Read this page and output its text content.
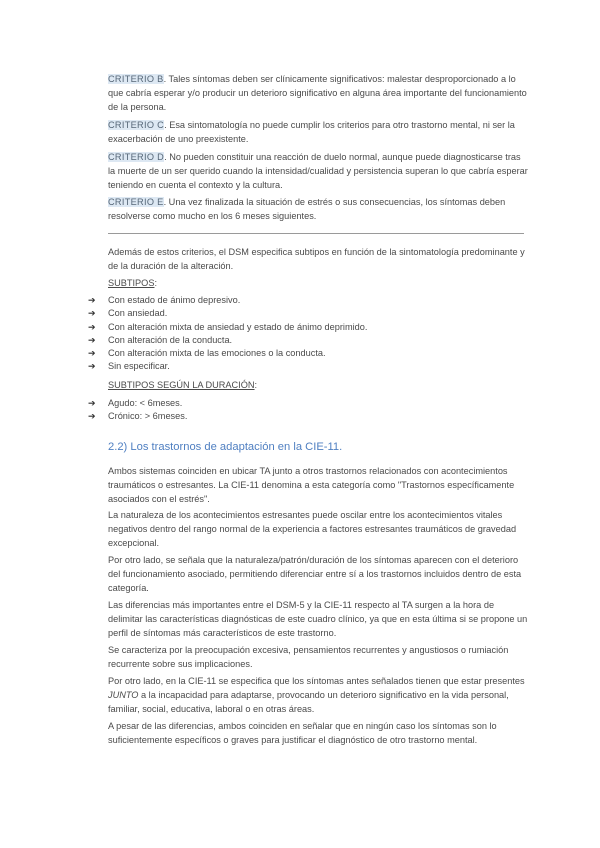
CRITERIO B. Tales síntomas deben ser clínicamente significativos: malestar desproporcionado a lo que cabría esperar y/o producir un deterioro significativo en alguna área importante del funcionamiento de la persona.

CRITERIO C. Esa sintomatología no puede cumplir los criterios para otro trastorno mental, ni ser la exacerbación de uno preexistente.

CRITERIO D. No pueden constituir una reacción de duelo normal, aunque puede diagnosticarse tras la muerte de un ser querido cuando la intensidad/cualidad y persistencia superan lo que cabría esperar teniendo en cuenta el contexto y la cultura.

CRITERIO E. Una vez finalizada la situación de estrés o sus consecuencias, los síntomas deben resolverse como mucho en los 6 meses siguientes.

Además de estos criterios, el DSM especifica subtipos en función de la sintomatología predominante y de la duración de la alteración.

SUBTIPOS:
➔	Con estado de ánimo depresivo.
➔	Con ansiedad.
➔	Con alteración mixta de ansiedad y estado de ánimo deprimido.
➔	Con alteración de la conducta.
➔	Con alteración mixta de las emociones o la conducta.
➔	Sin especificar.
SUBTIPOS SEGÚN LA DURACIÓN:
➔	Agudo: < 6meses.
➔	Crónico: > 6meses.
2.2) Los trastornos de adaptación en la CIE-11.

Ambos sistemas coinciden en ubicar TA junto a otros trastornos relacionados con acontecimientos traumáticos o estresantes. La CIE-11 denomina a esta categoría como "Trastornos específicamente asociados con el estrés".

La naturaleza de los acontecimientos estresantes puede oscilar entre los acontecimientos vitales negativos dentro del rango normal de la experiencia a factores estresantes traumáticos de gravedad excepcional.

Por otro lado, se señala que la naturaleza/patrón/duración de los síntomas aparecen con el deterioro del funcionamiento asociado, permitiendo diferenciar entre sí a los trastornos incluidos dentro de esta categoría.

Las diferencias más importantes entre el DSM-5 y la CIE-11 respecto al TA surgen a la hora de delimitar las características diagnósticas de este cuadro clínico, ya que en esta última si se propone un perfil de síntomas más característicos de este trastorno.

Se caracteriza por la preocupación excesiva, pensamientos recurrentes y angustiosos o rumiación recurrente sobre sus implicaciones.

Por otro lado, en la CIE-11 se especifica que los síntomas antes señalados tienen que estar presentes JUNTO a la incapacidad para adaptarse, provocando un deterioro significativo en la vida personal, familiar, social, educativa, laboral o en otras áreas.

A pesar de las diferencias, ambos coinciden en señalar que en ningún caso los síntomas son lo suficientemente específicos o graves para justificar el diagnóstico de otro trastorno mental.
